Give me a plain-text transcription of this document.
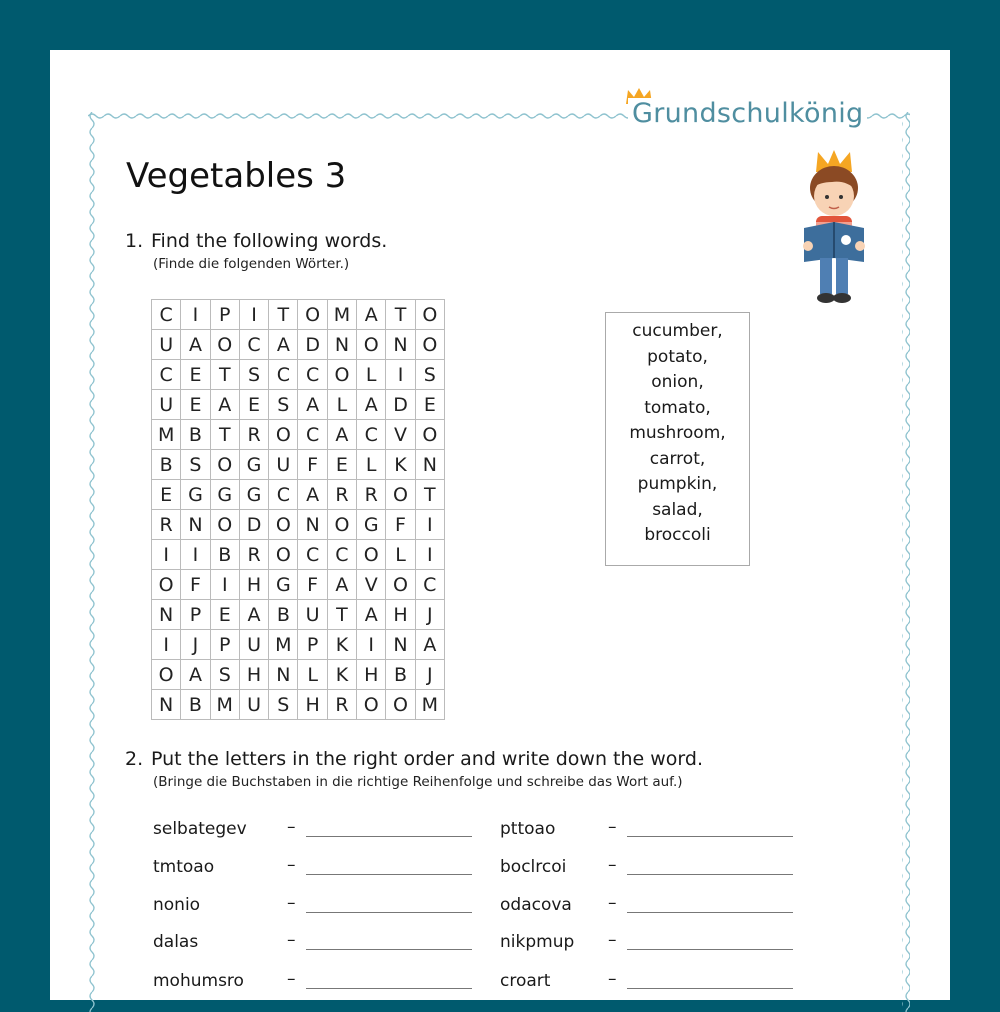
Grundschulkönig
Vegetables 3
1. Find the following words.
(Finde die folgenden Wörter.)
C	I	P	I	T O M A T O
U A O C A D N O N O
C E T S C C O L	I	S
U E A E S A L A D E
M B T R O C A C V O
B S O G U F E L K N
E G G G C A R R O T
R N O D O N O G F	I
I	I	B R O C C O L	I
O F	I	H G F A V O C
N P E A B U T A H	J
I	J	P U M P K	I	N A
O A S H N L K H B	J
N B M U S H R O O M
cucumber,
potato,
onion,
tomato,
mushroom,
carrot,
pumpkin,
salad,
broccoli
2. Put the letters in the right order and write down the word.
(Bringe die Buchstaben in die richtige Reihenfolge und schreibe das Wort auf.)
selbategev –
tmtoao	–
nonio	–
dalas	–
mohumsro	–
pttoao	–
boclrcoi –
odacova –
nikpmup –
croart	–
